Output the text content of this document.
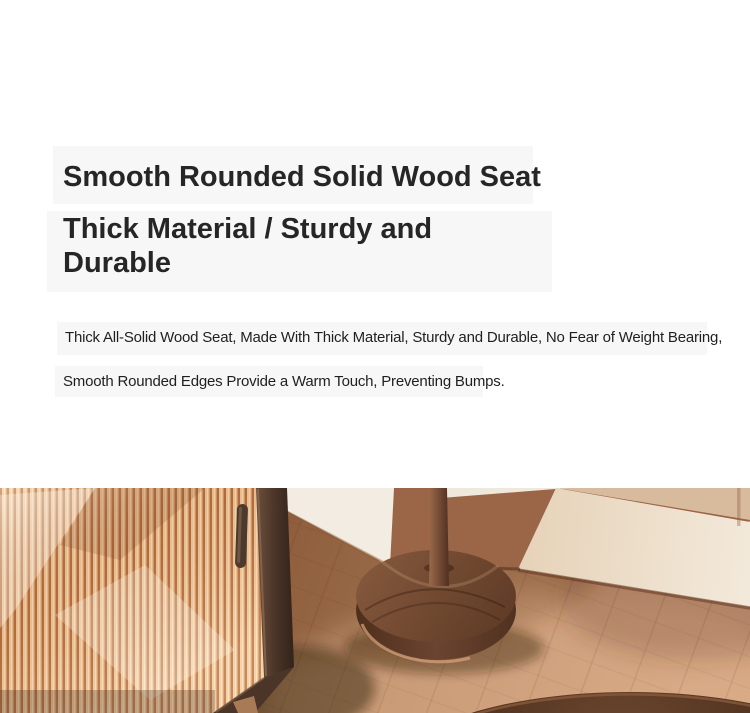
Smooth Rounded Solid Wood Seat
Thick Material / Sturdy and Durable
Thick All-Solid Wood Seat, Made With Thick Material, Sturdy and Durable, No Fear of Weight Bearing,
Smooth Rounded Edges Provide a Warm Touch, Preventing Bumps.
